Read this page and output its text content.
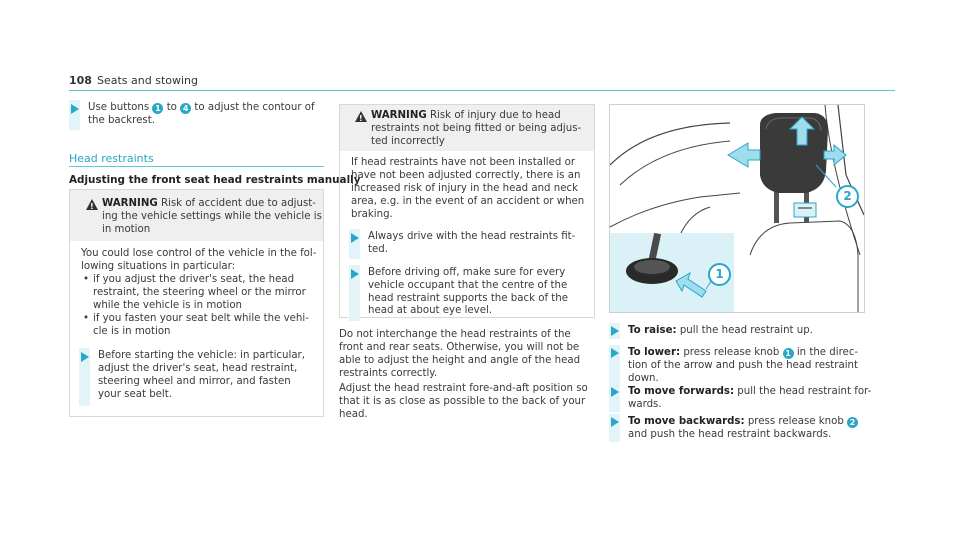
108 Seats and stowing
Use buttons 1 to 4 to adjust the contour of
the backrest.
Head restraints
Adjusting the front seat head restraints manually
!
WARNING Risk of accident due to adjust-
ing the vehicle settings while the vehicle is
in motion
You could lose control of the vehicle in the fol-
lowing situations in particular:
• if you adjust the driver's seat, the head
restraint, the steering wheel or the mirror
while the vehicle is in motion
• if you fasten your seat belt while the vehi-
cle is in motion
Before starting the vehicle: in particular,
adjust the driver's seat, head restraint,
steering wheel and mirror, and fasten
your seat belt.
!
WARNING Risk of injury due to head
restraints not being fitted or being adjus-
ted incorrectly
If head restraints have not been installed or
have not been adjusted correctly, there is an
increased risk of injury in the head and neck
area, e.g. in the event of an accident or when
braking.
Always drive with the head restraints fit-
ted.
Before driving off, make sure for every
vehicle occupant that the centre of the
head restraint supports the back of the
head at about eye level.
Do not interchange the head restraints of the
front and rear seats. Otherwise, you will not be
able to adjust the height and angle of the head
restraints correctly.
Adjust the head restraint fore-and-aft position so
that it is as close as possible to the back of your
head.
2
1
To raise: pull the head restraint up.
To lower: press release knob 1 in the direc-
tion of the arrow and push the head restraint
down.
To move forwards: pull the head restraint for-
wards.
To move backwards: press release knob 2
and push the head restraint backwards.
